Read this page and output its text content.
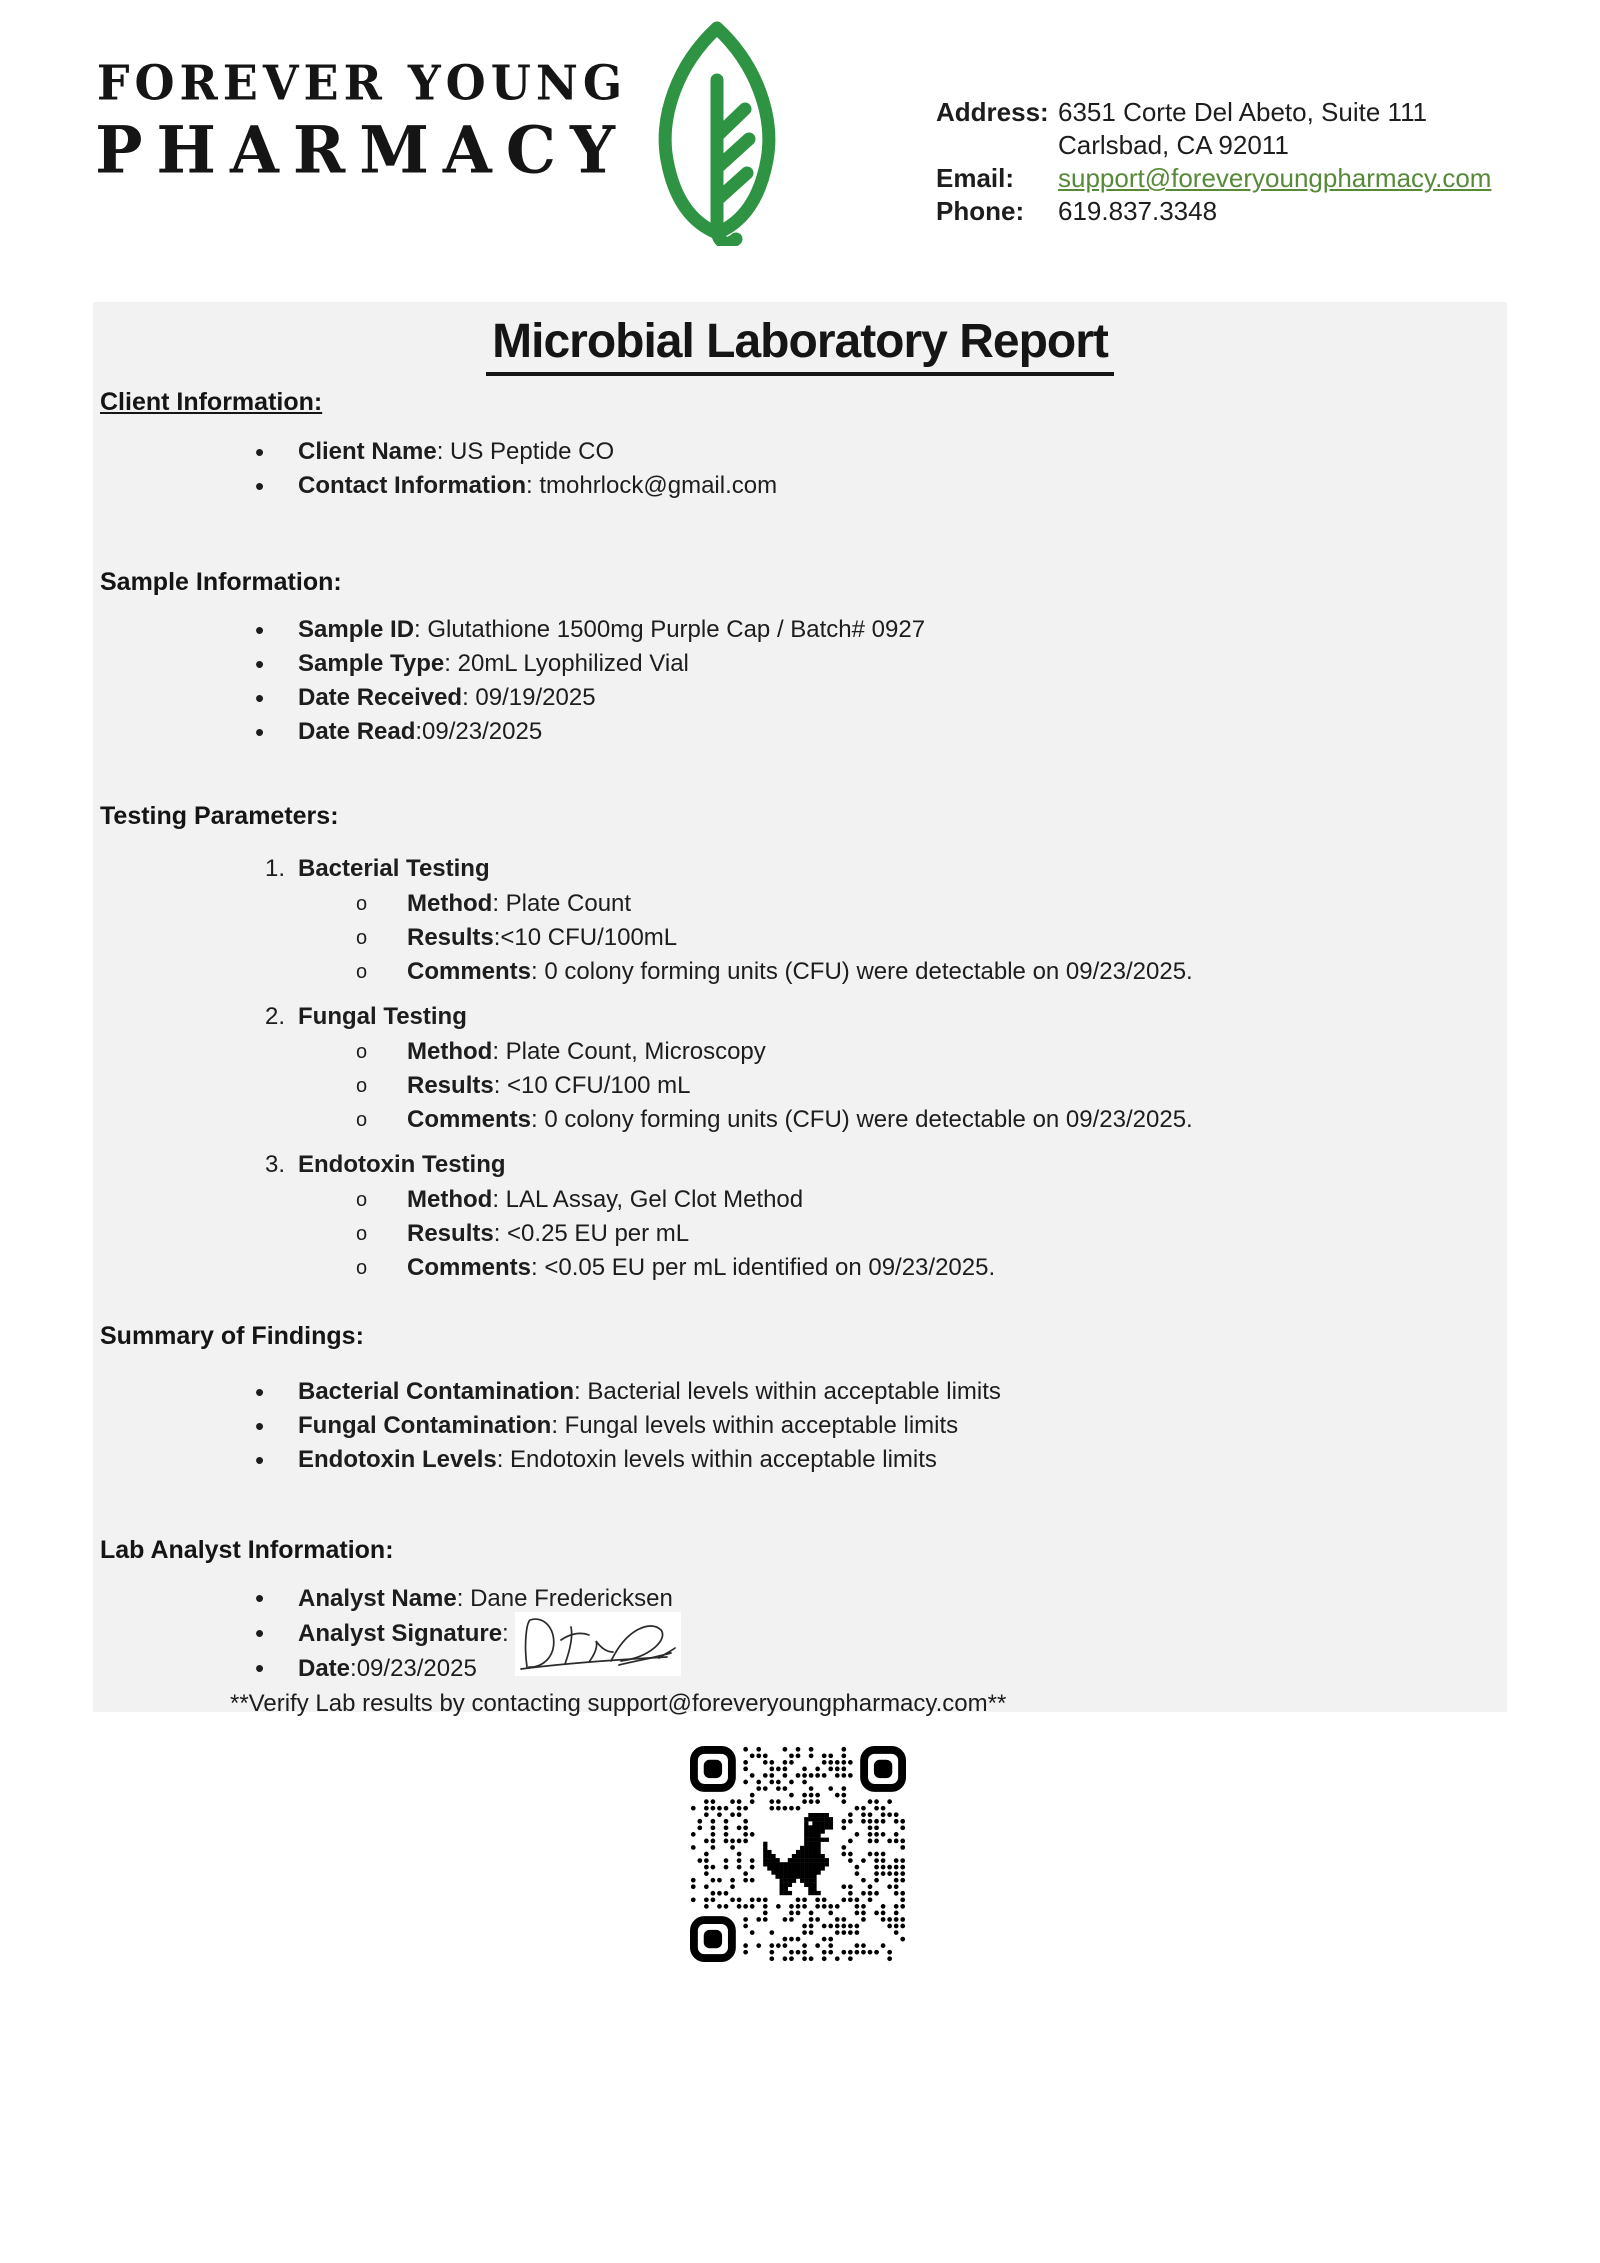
FOREVER YOUNG
PHARMACY
Address: 6351 Corte Del Abeto, Suite 111
Carlsbad, CA 92011
Email:	support@foreveryoungpharmacy.com
Phone:	619.837.3348
Microbial Laboratory Report
Client Information:
• Client Name: US Peptide CO
• Contact Information: tmohrlock@gmail.com
Sample Information:
• Sample ID: Glutathione 1500mg Purple Cap / Batch# 0927
• Sample Type: 20mL Lyophilized Vial
• Date Received: 09/19/2025
• Date Read:09/23/2025
Testing Parameters:
1. Bacterial Testing
o Method: Plate Count
o Results:<10 CFU/100mL
o Comments: 0 colony forming units (CFU) were detectable on 09/23/2025.
2. Fungal Testing
o Method: Plate Count, Microscopy
o Results: <10 CFU/100 mL
o Comments: 0 colony forming units (CFU) were detectable on 09/23/2025.
3. Endotoxin Testing
o Method: LAL Assay, Gel Clot Method
o Results: <0.25 EU per mL
o Comments: <0.05 EU per mL identified on 09/23/2025.
Summary of Findings:
• Bacterial Contamination: Bacterial levels within acceptable limits
• Fungal Contamination: Fungal levels within acceptable limits
• Endotoxin Levels: Endotoxin levels within acceptable limits
Lab Analyst Information:
• Analyst Name: Dane Fredericksen
• Analyst Signature:
• Date:09/23/2025
**Verify Lab results by contacting support@foreveryoungpharmacy.com**
